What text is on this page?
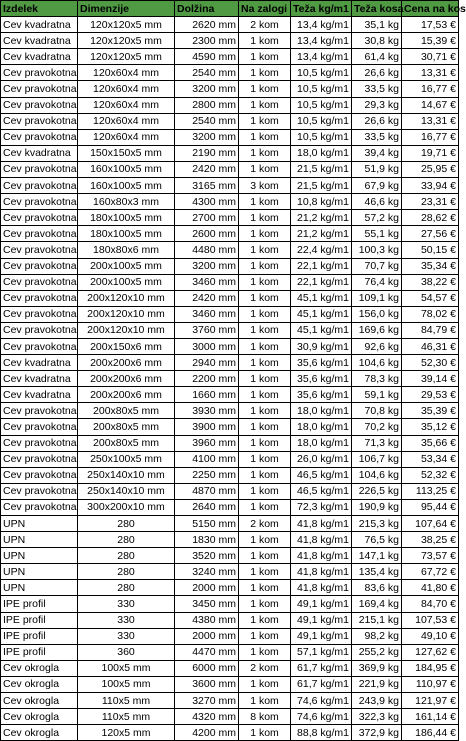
Izdelek	Dimenzije	Dolžina	Na zalogi	Teža kg/m1	Teža kosa	Cena na kos
Cev kvadratna	120x120x5 mm	2620 mm	2 kom	13,4 kg/m1	35,1 kg	17,53 €
Cev kvadratna	120x120x5 mm	2300 mm	1 kom	13,4 kg/m1	30,8 kg	15,39 €
Cev kvadratna	120x120x5 mm	4590 mm	1 kom	13,4 kg/m1	61,4 kg	30,71 €
Cev pravokotna	120x60x4 mm	2540 mm	1 kom	10,5 kg/m1	26,6 kg	13,31 €
Cev pravokotna	120x60x4 mm	3200 mm	1 kom	10,5 kg/m1	33,5 kg	16,77 €
Cev pravokotna	120x60x4 mm	2800 mm	1 kom	10,5 kg/m1	29,3 kg	14,67 €
Cev pravokotna	120x60x4 mm	2540 mm	1 kom	10,5 kg/m1	26,6 kg	13,31 €
Cev pravokotna	120x60x4 mm	3200 mm	1 kom	10,5 kg/m1	33,5 kg	16,77 €
Cev kvadratna	150x150x5 mm	2190 mm	1 kom	18,0 kg/m1	39,4 kg	19,71 €
Cev pravokotna	160x100x5 mm	2420 mm	1 kom	21,5 kg/m1	51,9 kg	25,95 €
Cev pravokotna	160x100x5 mm	3165 mm	3 kom	21,5 kg/m1	67,9 kg	33,94 €
Cev pravokotna	160x80x3 mm	4300 mm	1 kom	10,8 kg/m1	46,6 kg	23,31 €
Cev pravokotna	180x100x5 mm	2700 mm	1 kom	21,2 kg/m1	57,2 kg	28,62 €
Cev pravokotna	180x100x5 mm	2600 mm	1 kom	21,2 kg/m1	55,1 kg	27,56 €
Cev pravokotna	180x80x6 mm	4480 mm	1 kom	22,4 kg/m1	100,3 kg	50,15 €
Cev pravokotna	200x100x5 mm	3200 mm	1 kom	22,1 kg/m1	70,7 kg	35,34 €
Cev pravokotna	200x100x5 mm	3460 mm	1 kom	22,1 kg/m1	76,4 kg	38,22 €
Cev pravokotna	200x120x10 mm	2420 mm	1 kom	45,1 kg/m1	109,1 kg	54,57 €
Cev pravokotna	200x120x10 mm	3460 mm	1 kom	45,1 kg/m1	156,0 kg	78,02 €
Cev pravokotna	200x120x10 mm	3760 mm	1 kom	45,1 kg/m1	169,6 kg	84,79 €
Cev pravokotna	200x150x6 mm	3000 mm	1 kom	30,9 kg/m1	92,6 kg	46,31 €
Cev kvadratna	200x200x6 mm	2940 mm	1 kom	35,6 kg/m1	104,6 kg	52,30 €
Cev kvadratna	200x200x6 mm	2200 mm	1 kom	35,6 kg/m1	78,3 kg	39,14 €
Cev kvadratna	200x200x6 mm	1660 mm	1 kom	35,6 kg/m1	59,1 kg	29,53 €
Cev pravokotna	200x80x5 mm	3930 mm	1 kom	18,0 kg/m1	70,8 kg	35,39 €
Cev pravokotna	200x80x5 mm	3900 mm	1 kom	18,0 kg/m1	70,2 kg	35,12 €
Cev pravokotna	200x80x5 mm	3960 mm	1 kom	18,0 kg/m1	71,3 kg	35,66 €
Cev pravokotna	250x100x5 mm	4100 mm	1 kom	26,0 kg/m1	106,7 kg	53,34 €
Cev pravokotna	250x140x10 mm	2250 mm	1 kom	46,5 kg/m1	104,6 kg	52,32 €
Cev pravokotna	250x140x10 mm	4870 mm	1 kom	46,5 kg/m1	226,5 kg	113,25 €
Cev pravokotna	300x200x10 mm	2640 mm	1 kom	72,3 kg/m1	190,9 kg	95,44 €
UPN	280	5150 mm	2 kom	41,8 kg/m1	215,3 kg	107,64 €
UPN	280	1830 mm	1 kom	41,8 kg/m1	76,5 kg	38,25 €
UPN	280	3520 mm	1 kom	41,8 kg/m1	147,1 kg	73,57 €
UPN	280	3240 mm	1 kom	41,8 kg/m1	135,4 kg	67,72 €
UPN	280	2000 mm	1 kom	41,8 kg/m1	83,6 kg	41,80 €
IPE profil	330	3450 mm	1 kom	49,1 kg/m1	169,4 kg	84,70 €
IPE profil	330	4380 mm	1 kom	49,1 kg/m1	215,1 kg	107,53 €
IPE profil	330	2000 mm	1 kom	49,1 kg/m1	98,2 kg	49,10 €
IPE profil	360	4470 mm	1 kom	57,1 kg/m1	255,2 kg	127,62 €
Cev okrogla	100x5 mm	6000 mm	2 kom	61,7 kg/m1	369,9 kg	184,95 €
Cev okrogla	100x5 mm	3600 mm	1 kom	61,7 kg/m1	221,9 kg	110,97 €
Cev okrogla	110x5 mm	3270 mm	1 kom	74,6 kg/m1	243,9 kg	121,97 €
Cev okrogla	110x5 mm	4320 mm	8 kom	74,6 kg/m1	322,3 kg	161,14 €
Cev okrogla	120x5 mm	4200 mm	1 kom	88,8 kg/m1	372,9 kg	186,44 €
